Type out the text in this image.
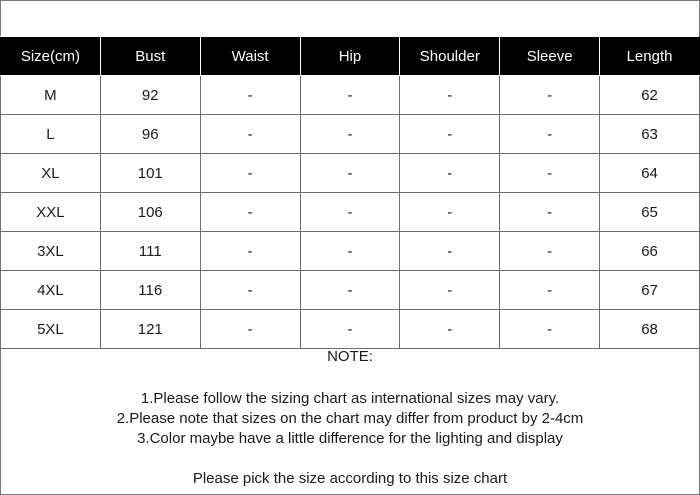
Size(cm)	Bust	Waist	Hip	Shoulder	Sleeve	Length
M	92	-	-	-	-	62
L	96	-	-	-	-	63
XL	101	-	-	-	-	64
XXL	106	-	-	-	-	65
3XL	111	-	-	-	-	66
4XL	116	-	-	-	-	67
5XL	121	-	-	-	-	68
NOTE:
1.Please follow the sizing chart as international sizes may vary.
2.Please note that sizes on the chart may differ from product by 2-4cm
3.Color maybe have a little difference for the lighting and display
Please pick the size according to this size chart
